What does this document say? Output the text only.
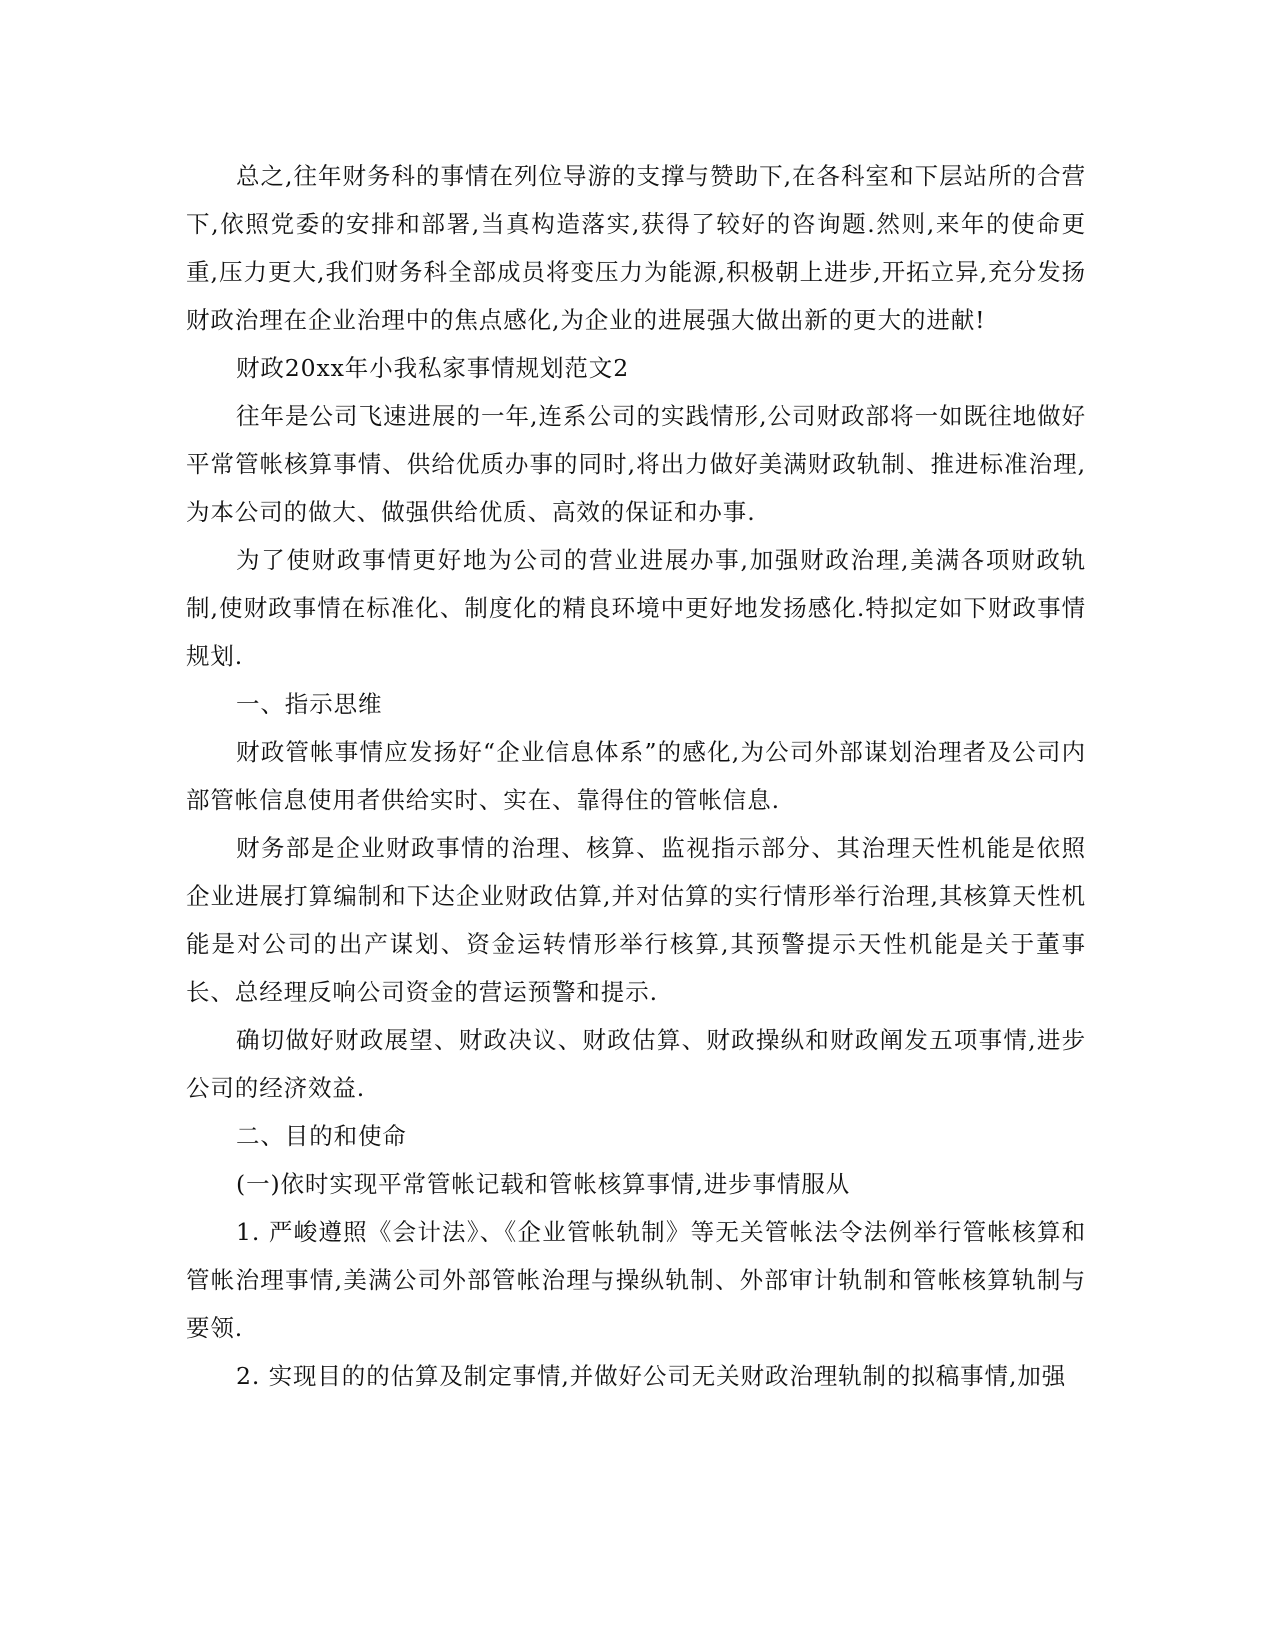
总之,往年财务科的事情在列位导游的支撑与赞助下,在各科室和下层站所的合营下,依照党委的安排和部署,当真构造落实,获得了较好的咨询题.然则,来年的使命更重,压力更大,我们财务科全部成员将变压力为能源,积极朝上进步,开拓立异,充分发扬财政治理在企业治理中的焦点感化,为企业的进展强大做出新的更大的进献!

财政20xx年小我私家事情规划范文2

往年是公司飞速进展的一年,连系公司的实践情形,公司财政部将一如既往地做好平常管帐核算事情、供给优质办事的同时,将出力做好美满财政轨制、推进标准治理,为本公司的做大、做强供给优质、高效的保证和办事.

为了使财政事情更好地为公司的营业进展办事,加强财政治理,美满各项财政轨制,使财政事情在标准化、制度化的精良环境中更好地发扬感化.特拟定如下财政事情规划.

一、指示思维

财政管帐事情应发扬好“企业信息体系”的感化,为公司外部谋划治理者及公司内部管帐信息使用者供给实时、实在、靠得住的管帐信息.

财务部是企业财政事情的治理、核算、监视指示部分、其治理天性机能是依照企业进展打算编制和下达企业财政估算,并对估算的实行情形举行治理,其核算天性机能是对公司的出产谋划、资金运转情形举行核算,其预警提示天性机能是关于董事长、总经理反响公司资金的营运预警和提示.

确切做好财政展望、财政决议、财政估算、财政操纵和财政阐发五项事情,进步公司的经济效益.

二、目的和使命

(一)依时实现平常管帐记载和管帐核算事情,进步事情服从

1. 严峻遵照《会计法》、《企业管帐轨制》等无关管帐法令法例举行管帐核算和管帐治理事情,美满公司外部管帐治理与操纵轨制、外部审计轨制和管帐核算轨制与要领.

2. 实现目的的估算及制定事情,并做好公司无关财政治理轨制的拟稿事情,加强
